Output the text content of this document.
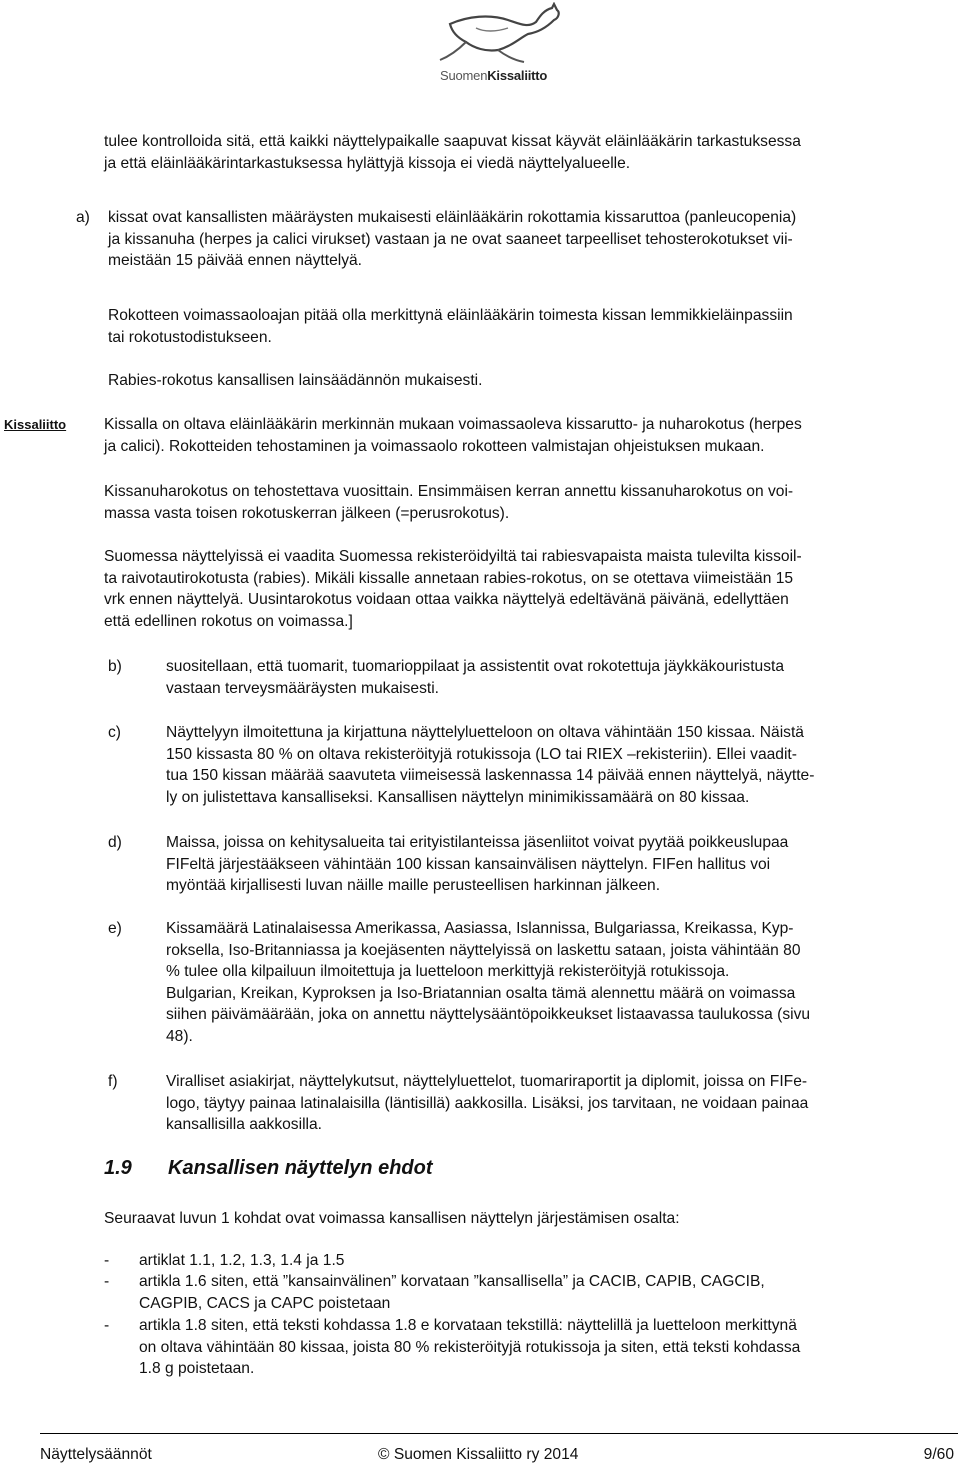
SuomenKissaliitto
tulee kontrolloida sitä, että kaikki näyttelypaikalle saapuvat kissat käyvät eläinlääkärin tarkastuksessa
ja että eläinlääkärintarkastuksessa hylättyjä kissoja ei viedä näyttelyalueelle.
a) kissat ovat kansallisten määräysten mukaisesti eläinlääkärin rokottamia kissaruttoa (panleucopenia)
ja kissanuha (herpes ja calici virukset) vastaan ja ne ovat saaneet tarpeelliset tehosterokotukset vii-
meistään 15 päivää ennen näyttelyä.
Rokotteen voimassaoloajan pitää olla merkittynä eläinlääkärin toimesta kissan lemmikkieläinpassiin
tai rokotustodistukseen.
Rabies-rokotus kansallisen lainsäädännön mukaisesti.
Kissaliitto Kissalla on oltava eläinlääkärin merkinnän mukaan voimassaoleva kissarutto- ja nuharokotus (herpes
ja calici). Rokotteiden tehostaminen ja voimassaolo rokotteen valmistajan ohjeistuksen mukaan.
Kissanuharokotus on tehostettava vuosittain. Ensimmäisen kerran annettu kissanuharokotus on voi-
massa vasta toisen rokotuskerran jälkeen (=perusrokotus).
Suomessa näyttelyissä ei vaadita Suomessa rekisteröidyiltä tai rabiesvapaista maista tulevilta kissoil-
ta raivotautirokotusta (rabies). Mikäli kissalle annetaan rabies-rokotus, on se otettava viimeistään 15
vrk ennen näyttelyä. Uusintarokotus voidaan ottaa vaikka näyttelyä edeltävänä päivänä, edellyttäen
että edellinen rokotus on voimassa.]
b)	suositellaan, että tuomarit, tuomarioppilaat ja assistentit ovat rokotettuja jäykkäkouristusta
vastaan terveysmääräysten mukaisesti.
c)	Näyttelyyn ilmoitettuna ja kirjattuna näyttelyluetteloon on oltava vähintään 150 kissaa. Näistä
150 kissasta 80 % on oltava rekisteröityjä rotukissoja (LO tai RIEX –rekisteriin). Ellei vaadit-
tua 150 kissan määrää saavuteta viimeisessä laskennassa 14 päivää ennen näyttelyä, näytte-
ly on julistettava kansalliseksi. Kansallisen näyttelyn minimikissamäärä on 80 kissaa.
d)	Maissa, joissa on kehitysalueita tai erityistilanteissa jäsenliitot voivat pyytää poikkeuslupaa
FIFeltä järjestääkseen vähintään 100 kissan kansainvälisen näyttelyn. FIFen hallitus voi
myöntää kirjallisesti luvan näille maille perusteellisen harkinnan jälkeen.
e)	Kissamäärä Latinalaisessa Amerikassa, Aasiassa, Islannissa, Bulgariassa, Kreikassa, Kyp-
roksella, Iso-Britanniassa ja koejäsenten näyttelyissä on laskettu sataan, joista vähintään 80
% tulee olla kilpailuun ilmoitettuja ja luetteloon merkittyjä rekisteröityjä rotukissoja.
Bulgarian, Kreikan, Kyproksen ja Iso-Briatannian osalta tämä alennettu määrä on voimassa
siihen päivämäärään, joka on annettu näyttelysääntöpoikkeukset listaavassa taulukossa (sivu
48).
f)	Viralliset asiakirjat, näyttelykutsut, näyttelyluettelot, tuomariraportit ja diplomit, joissa on FIFe-
logo, täytyy painaa latinalaisilla (läntisillä) aakkosilla. Lisäksi, jos tarvitaan, ne voidaan painaa
kansallisilla aakkosilla.
1.9 Kansallisen näyttelyn ehdot
Seuraavat luvun 1 kohdat ovat voimassa kansallisen näyttelyn järjestämisen osalta:
- artiklat 1.1, 1.2, 1.3, 1.4 ja 1.5
- artikla 1.6 siten, että ”kansainvälinen” korvataan ”kansallisella” ja CACIB, CAPIB, CAGCIB,
CAGPIB, CACS ja CAPC poistetaan
- artikla 1.8 siten, että teksti kohdassa 1.8 e korvataan tekstillä: näyttelillä ja luetteloon merkittynä
on oltava vähintään 80 kissaa, joista 80 % rekisteröityjä rotukissoja ja siten, että teksti kohdassa
1.8 g poistetaan.
Näyttelysäännöt	© Suomen Kissaliitto ry 2014	9/60
